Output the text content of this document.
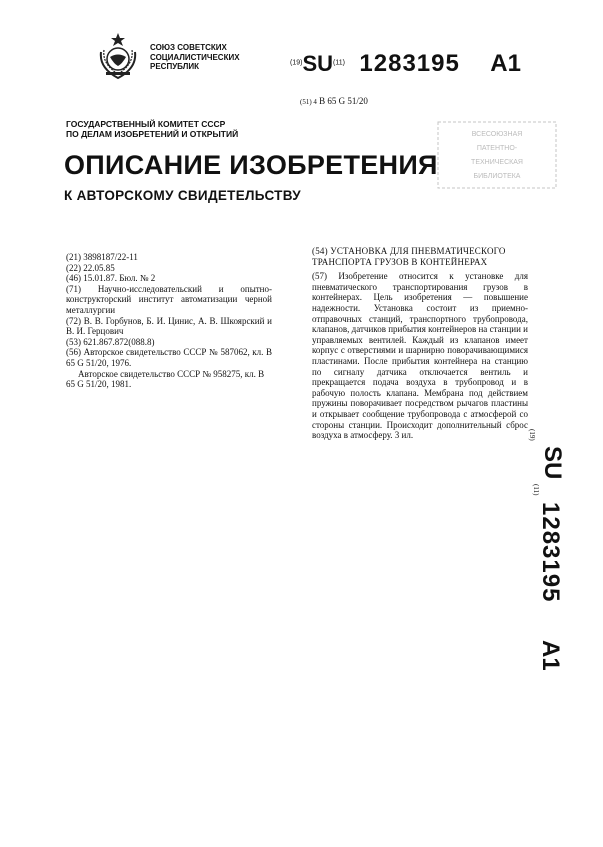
СОЮЗ СОВЕТСКИХ
СОЦИАЛИСТИЧЕСКИХ
РЕСПУБЛИК	$^{(19)}$SU$^{(11)}$ 1283195 A1
(51) 4 B 65 G 51/20
ГОСУДАРСТВЕННЫЙ КОМИТЕТ СССР
ПО ДЕЛАМ ИЗОБРЕТЕНИЙ И ОТКРЫТИЙ	ВСЕСОЮЗНАЯ
ПАТЕНТНО-
ТЕХНИЧЕСКАЯ
БИБЛИОТЕКА
ОПИСАНИЕ ИЗОБРЕТЕНИЯ
К АВТОРСКОМУ СВИДЕТЕЛЬСТВУ

(21) 3898187/22-11

(22) 22.05.85

(46) 15.01.87. Бюл. № 2

(71) Научно-исследовательский и опытно-конструкторский институт автоматизации черной металлургии

(72) В. В. Горбунов, Б. И. Цинис, А. В. Шкоярский и В. И. Герцович

(53) 621.867.872(088.8)

(56) Авторское свидетельство СССР № 587062, кл. В 65 G 51/20, 1976.

Авторское свидетельство СССР № 958275, кл. В 65 G 51/20, 1981.

(54) УСТАНОВКА ДЛЯ ПНЕВМАТИЧЕСКОГО ТРАНСПОРТА ГРУЗОВ В КОНТЕЙНЕРАХ

(57) Изобретение относится к установке для пневматического транспортирования грузов в контейнерах. Цель изобретения — повышение надежности. Установка состоит из приемно-отправочных станций, транспортного трубопровода, клапанов, датчиков прибытия контейнеров на станции и управляемых вентилей. Каждый из клапанов имеет корпус с отверстиями и шарнирно поворачивающимися пластинами. После прибытия контейнера на станцию по сигналу датчика отключается вентиль и прекращается подача воздуха в трубопровод и в рабочую полость клапана. Мембрана под действием пружины поворачивает посредством рычагов пластины и открывает сообщение трубопровода с атмосферой со стороны станции. Происходит дополнительный сброс воздуха в атмосферу. 3 ил.	(19)
SU
(11)
1283195
A1
